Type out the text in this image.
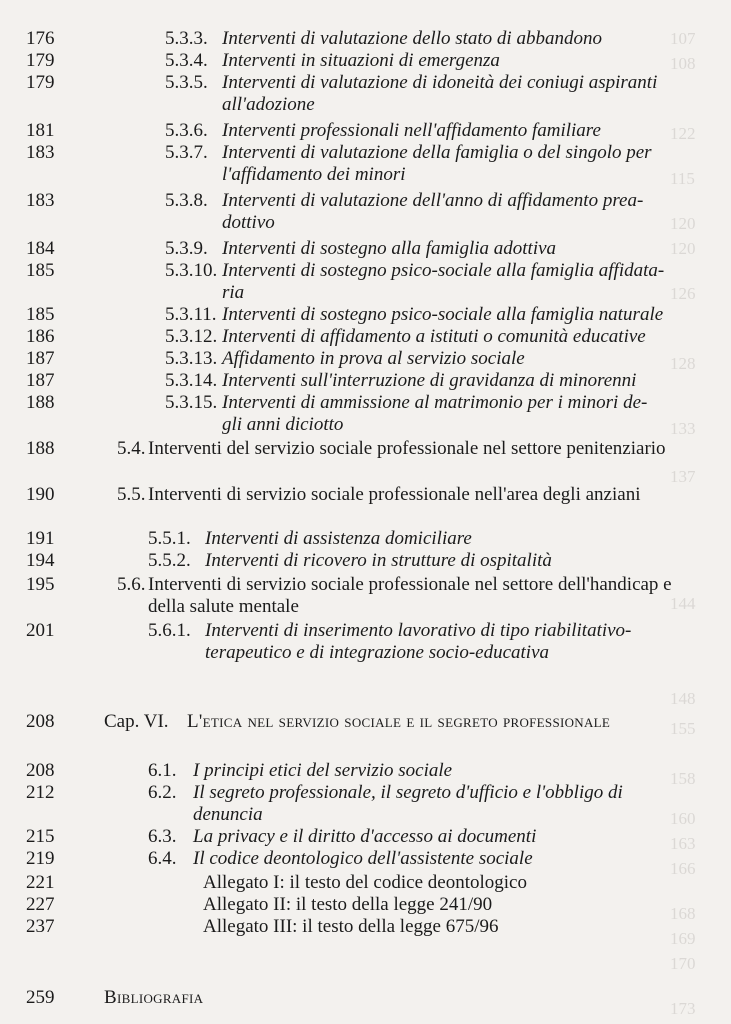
107
108
122
115
120
120
126
128
133
137
144
148
155
158
160
163
166
168
169
170
173
176	5.3.3. Interventi di valutazione dello stato di abbandono
179	5.3.4. Interventi in situazioni di emergenza
179	5.3.5. Interventi di valutazione di idoneità dei coniugi aspiranti
all'adozione
181	5.3.6. Interventi professionali nell'affidamento familiare
183	5.3.7. Interventi di valutazione della famiglia o del singolo per
l'affidamento dei minori
183	5.3.8. Interventi di valutazione dell'anno di affidamento prea-
dottivo
184	5.3.9. Interventi di sostegno alla famiglia adottiva
185	5.3.10. Interventi di sostegno psico-sociale alla famiglia affidata-
ria
185	5.3.11. Interventi di sostegno psico-sociale alla famiglia naturale
186	5.3.12. Interventi di affidamento a istituti o comunità educative
187	5.3.13. Affidamento in prova al servizio sociale
187	5.3.14. Interventi sull'interruzione di gravidanza di minorenni
188	5.3.15. Interventi di ammissione al matrimonio per i minori de-
gli anni diciotto
188	5.4. Interventi del servizio sociale professionale nel settore penitenziario
190	5.5. Interventi di servizio sociale professionale nell'area degli anziani
191	5.5.1. Interventi di assistenza domiciliare
194	5.5.2. Interventi di ricovero in strutture di ospitalità
195	5.6. Interventi di servizio sociale professionale nel settore dell'handicap e della salute mentale
201	5.6.1. Interventi di inserimento lavorativo di tipo riabilitativo-
terapeutico e di integrazione socio-educativa
208	Cap. VI. L'etica nel servizio sociale e il segreto professionale
208	6.1. I principi etici del servizio sociale
212	6.2. Il segreto professionale, il segreto d'ufficio e l'obbligo di
denuncia
215	6.3. La privacy e il diritto d'accesso ai documenti
219	6.4. Il codice deontologico dell'assistente sociale
221	Allegato I: il testo del codice deontologico
227	Allegato II: il testo della legge 241/90
237	Allegato III: il testo della legge 675/96
259	Bibliografia
